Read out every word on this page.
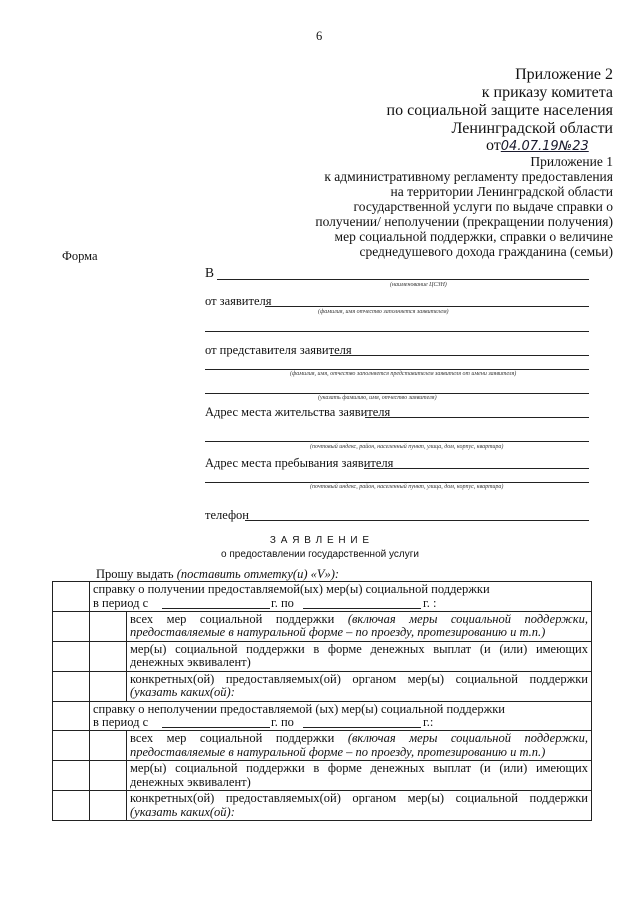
6
Приложение 2
к приказу комитета
по социальной защите населения
Ленинградской области
от04.07.19№23
Приложение 1
к административному регламенту предоставления
на территории Ленинградской области
государственной услуги по выдаче справки о
получении/ неполучении (прекращении получения)
мер социальной поддержки, справки о величине
среднедушевого дохода гражданина (семьи)
Форма
В
(наименование ЦСЗН)
от заявителя
(фамилия, имя отчество заполняется заявителем)
от представителя заявителя
(фамилия, имя, отчество заполняется представителем заявителя от имени заявителя)
(указать фамилию, имя, отчество заявителя)
Адрес места жительства заявителя
(почтовый индекс, район, населенный пункт, улица, дом, корпус, квартира)
Адрес места пребывания заявителя
(почтовый индекс, район, населенный пункт, улица, дом, корпус, квартира)
телефон
З А Я В Л Е Н И Е
о предоставлении государственной услуги
Прошу выдать (поставить отметку(и) «V»):

	справку о получении предоставляемой(ых) мер(ы) социальной поддержки
в период с г. по г. :	

		всех мер социальной поддержки (включая меры социальной поддержки, предоставляемые в натуральной форме – по проезду, протезированию и т.п.)
		мер(ы) социальной поддержки в форме денежных выплат (и (или) имеющих денежных эквивалент)
		конкретных(ой) предоставляемых(ой) органом мер(ы) социальной поддержки (указать каких(ой):

	справку о неполучении предоставляемой (ых) мер(ы) социальной поддержки
в период с г. по г.:	

		всех мер социальной поддержки (включая меры социальной поддержки, предоставляемые в натуральной форме – по проезду, протезированию и т.п.)
		мер(ы) социальной поддержки в форме денежных выплат (и (или) имеющих денежных эквивалент)
		конкретных(ой) предоставляемых(ой) органом мер(ы) социальной поддержки (указать каких(ой):
